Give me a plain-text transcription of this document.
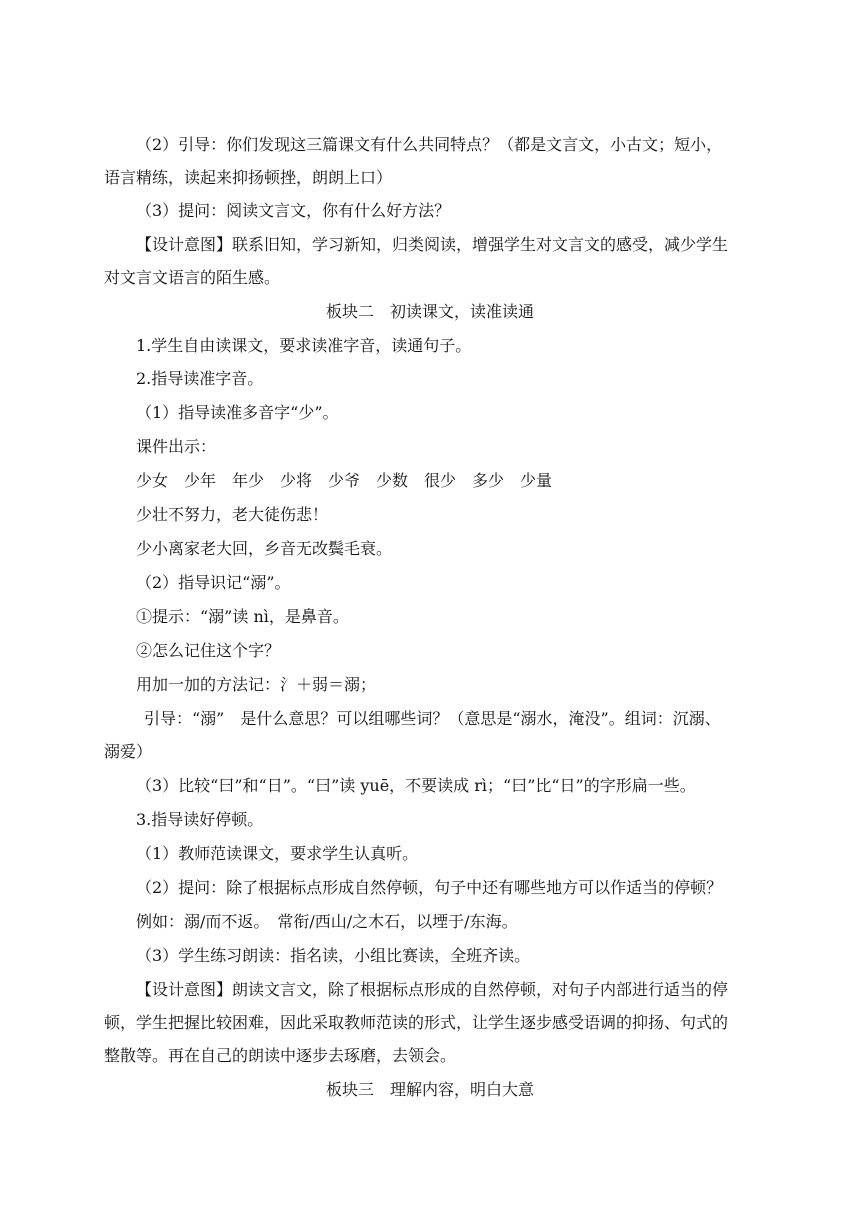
（2）引导：你们发现这三篇课文有什么共同特点？（都是文言文，小古文；短小，

语言精练，读起来抑扬顿挫，朗朗上口）

（3）提问：阅读文言文，你有什么好方法？

【设计意图】联系旧知，学习新知，归类阅读，增强学生对文言文的感受，减少学生

对文言文语言的陌生感。

板块二　初读课文，读准读通

1.学生自由读课文，要求读准字音，读通句子。

2.指导读准字音。

（1）指导读准多音字“少”。

课件出示：

少女　少年　年少　少将　少爷　少数　很少　多少　少量

少壮不努力，老大徒伤悲！

少小离家老大回，乡音无改鬓毛衰。

（2）指导识记“溺”。

①提示：“溺”读 nì，是鼻音。

②怎么记住这个字？

用加一加的方法记：氵＋弱＝溺；

引导：“溺”　是什么意思？可以组哪些词？（意思是“溺水，淹没”。组词：沉溺、

溺爱）

（3）比较“曰”和“日”。“曰”读 yuē，不要读成 rì；“曰”比“日”的字形扁一些。

3.指导读好停顿。

（1）教师范读课文，要求学生认真听。

（2）提问：除了根据标点形成自然停顿，句子中还有哪些地方可以作适当的停顿？

例如：溺/而不返。　常衔/西山/之木石，以堙于/东海。

（3）学生练习朗读：指名读，小组比赛读，全班齐读。

【设计意图】朗读文言文，除了根据标点形成的自然停顿，对句子内部进行适当的停

顿，学生把握比较困难，因此采取教师范读的形式，让学生逐步感受语调的抑扬、句式的

整散等。再在自己的朗读中逐步去琢磨，去领会。

板块三　理解内容，明白大意
